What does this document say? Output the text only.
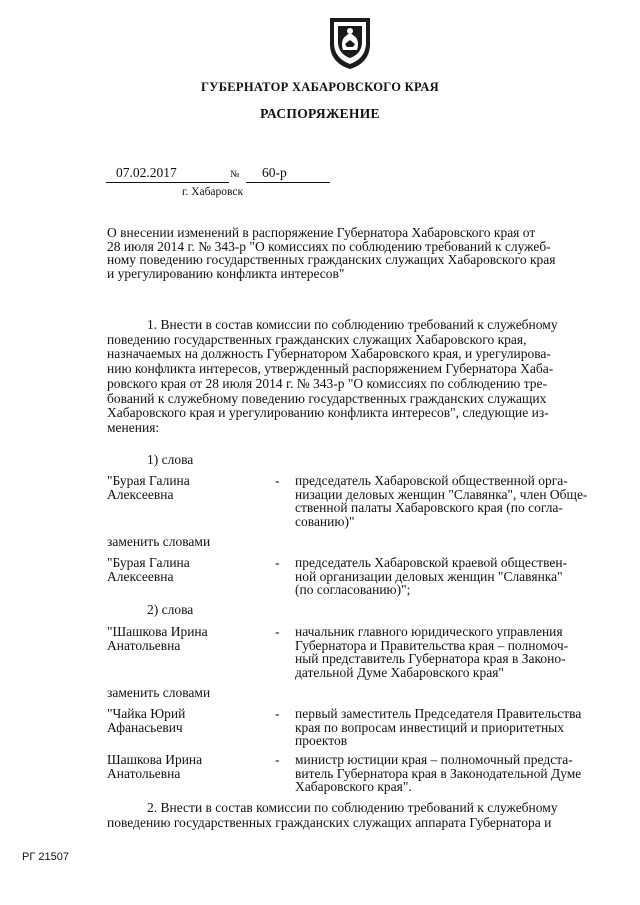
ГУБЕРНАТОР ХАБАРОВСКОГО КРАЯ
РАСПОРЯЖЕНИЕ
07.02.2017	№ 60-р
г. Хабаровск
О внесении изменений в распоряжение Губернатора Хабаровского края от
28 июля 2014 г. № 343-р "О комиссиях по соблюдению требований к служеб-
ному поведению государственных гражданских служащих Хабаровского края
и урегулированию конфликта интересов"
1. Внести в состав комиссии по соблюдению требований к служебному
поведению государственных гражданских служащих Хабаровского края,
назначаемых на должность Губернатором Хабаровского края, и урегулирова-
нию конфликта интересов, утвержденный распоряжением Губернатора Хаба-
ровского края от 28 июля 2014 г. № 343-р "О комиссиях по соблюдению тре-
бований к служебному поведению государственных гражданских служащих
Хабаровского края и урегулированию конфликта интересов", следующие из-
менения:
1) слова
"Бурая Галина
Алексеевна
- председатель Хабаровской общественной орга-
низации деловых женщин "Славянка", член Обще-
ственной палаты Хабаровского края (по согла-
сованию)"
заменить словами
"Бурая Галина
Алексеевна
- председатель Хабаровской краевой обществен-
ной организации деловых женщин "Славянка"
(по согласованию)";
2) слова
"Шашкова Ирина
Анатольевна
- начальник главного юридического управления
Губернатора и Правительства края – полномоч-
ный представитель Губернатора края в Законо-
дательной Думе Хабаровского края"
заменить словами
"Чайка Юрий
Афанасьевич
- первый заместитель Председателя Правительства
края по вопросам инвестиций и приоритетных
проектов
Шашкова Ирина
Анатольевна
- министр юстиции края – полномочный предста-
витель Губернатора края в Законодательной Думе
Хабаровского края".
2. Внести в состав комиссии по соблюдению требований к служебному
поведению государственных гражданских служащих аппарата Губернатора и
РГ 21507
